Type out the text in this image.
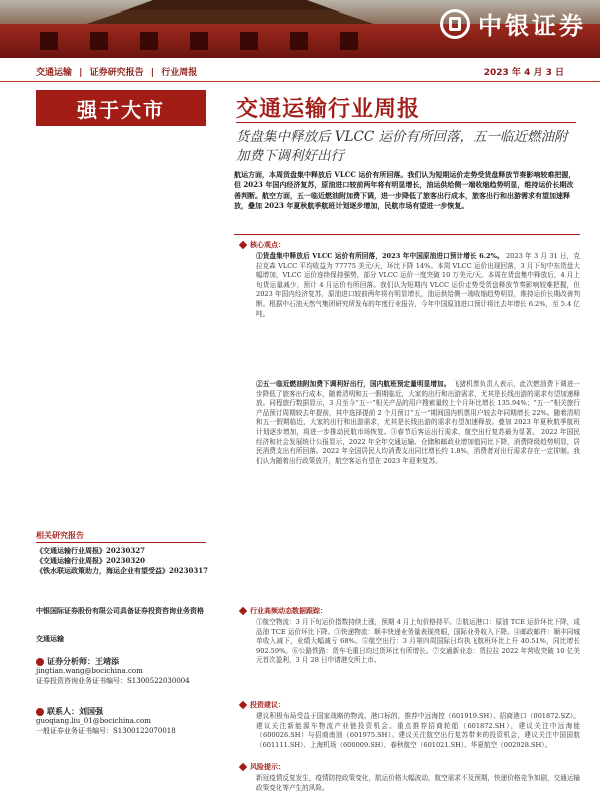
中银证券
交通运输 | 证券研究报告 | 行业周报	2023 年 4 月 3 日
强于大市	交通运输行业周报
货盘集中释放后 VLCC 运价有所回落，五一临近燃油附加费下调利好出行
航运方面，本周货盘集中释放后 VLCC 运价有所回落。我们认为短期运价走势受货盘释放节奏影响较难把握，但 2023 年国内经济复苏，原油进口较前两年将有明显增长，油运供给侧一端收缩趋势明显，维持运价长期改善判断。航空方面，五一临近燃油附加费下调，进一步降低了旅客出行成本，旅客出行和出游需求有望加速释放，叠加 2023 年夏秋航季航班计划逐步增加，民航市场有望进一步恢复。
核心观点：
①货盘集中释放后 VLCC 运价有所回落，2023 年中国原油进口预计增长 6.2%。 2023 年 3 月 31 日，克拉克森 VLCC 平均收益为 77775 美元/天，环比下降 14%。本周 VLCC 运价出现回落，3 月下旬中东货盘大幅增加，VLCC 运价连续保持强势，部分 VLCC 运价一度突破 10 万美元/天。本周在货盘集中释放后，4 月上旬货运量减少，预计 4 月运价有所回落。我们认为短期内 VLCC 运价走势受货盘释放节奏影响较难把握，但 2023 年国内经济复苏，原油进口较前两年将有明显增长，油运供给侧一端收缩趋势明显，维持运价长期改善判断。根据中石油天然气集团研究所发布的年度行业报告，今年中国原油进口预计将比去年增长 6.2%，至 5.4 亿吨。
②五一临近燃油附加费下调利好出行，国内航班预定量明显增加。 飞猪机票负责人表示，此次燃油费下调进一步降低了旅客出行成本，随着清明和五一假期临近，大家的出行和出游需求，尤其是长线出游的需求有望加速释放。同程旅行数据显示，3 月至今“五一”相关产品的用户搜索量较上个月环比增长 135.94%；“五一”相关旅行产品预订周期较去年提前，其中选择提前 2 个月预订“五一”期间国内机票用户较去年同期增长 22%。随着清明和五一假期临近，大家的出行和出游需求，尤其是长线出游的需求有望加速释放。叠加 2023 年夏秋航季航班计划逐步增加，将进一步推动民航市场恢复。③春节后客运出行需求，航空出行复苏最为显著。 2022 年国民经济和社会发展统计公报显示，2022 年全年交通运输、仓储和邮政业增加值同比下降，消费降级趋势明显，居民消费支出有所回落。2022 年全国居民人均消费支出同比增长约 1.8%，消费者对出行需求存在一定抑制。我们认为随着出行政策放开，航空客运有望在 2023 年迎来复苏。
行业高频动态数据跟踪：
①航空物流：3 月下旬运价指数持续上涨，预期 4 月上旬价格持平。②航运港口：原油 TCE 运价环比下降，成品油 TCE 运价环比下降。③快递物流：顺丰快递业务量表现亮眼，国际业务收入下降。④邮政邮件：顺丰同城单收入减下，业绩大幅减亏 68%。⑤航空出行：3 月第四周国际日均执飞航班环比上升 40.51%，同比增长 902.59%。⑥公路铁路：货车毛重日均过货环比有所增长。⑦交通新业态：货拉拉 2022 年营收突破 10 亿美元首次盈利，3 月 28 日申请港交所上市。
投资建议：
建议积极布局受益于国家战略的物流、港口标的，推荐中远海控（601919.SH）、招商港口（001872.SZ）。建议关注新能源车物流产业链投资机会。重点推荐招商轮船（601872.SH），建议关注中远海能（600026.SH）与招商南油（601975.SH）。建议关注航空出行复苏带来的投资机会，建议关注中国国航（601111.SH）、上海机场（600009.SH）、春秋航空（601021.SH）、华夏航空（002928.SH）。
风险提示：
新冠疫情反复发生，疫情防控政策变化，航运价格大幅波动，航空需求不及预期，快递价格竞争加剧，交通运输政策变化等产生的风险。
相关研究报告
《交通运输行业周报》20230327
《交通运输行业周报》20230320
《铁水联运政策助力，海运企业有望受益》20230317
中银国际证券股份有限公司具备证券投资咨询业务资格
交通运输
证券分析师：王靖添
jingtian.wang@bocichina.com
证券投资咨询业务证书编号：S1300522030004
联系人：刘国强
guoqiang.liu_01@bocichina.com
一般证券业务证书编号：S1300122070018
